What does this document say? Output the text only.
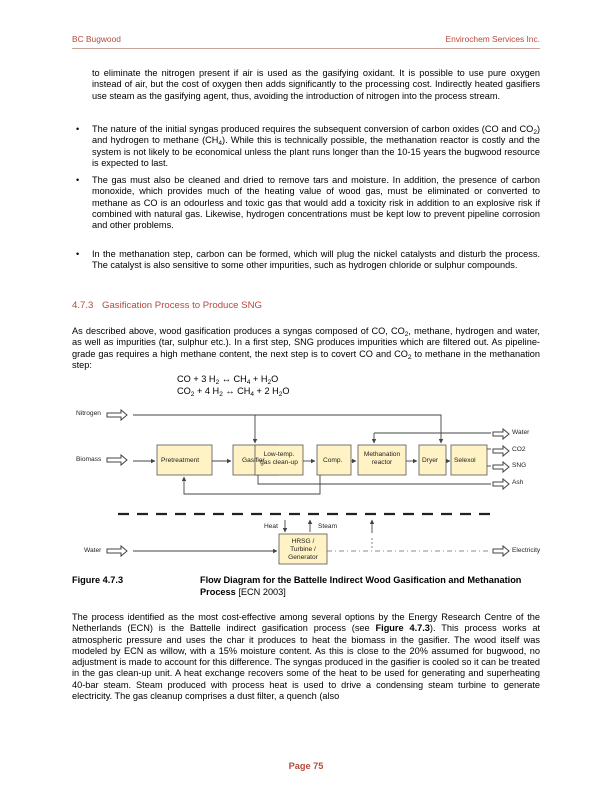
BC Bugwood	Envirochem Services Inc.
to eliminate the nitrogen present if air is used as the gasifying oxidant. It is possible to use pure oxygen instead of air, but the cost of oxygen then adds significantly to the processing cost. Indirectly heated gasifiers use steam as the gasifying agent, thus, avoiding the introduction of nitrogen into the process stream.
• The nature of the initial syngas produced requires the subsequent conversion of carbon oxides (CO and $CO_2$) and hydrogen to methane $(CH_4)$. While this is technically possible, the methanation reactor is costly and the system is not likely to be economical unless the plant runs longer than the 10-15 years the bugwood resource is expected to last.
• The gas must also be cleaned and dried to remove tars and moisture. In addition, the presence of carbon monoxide, which provides much of the heating value of wood gas, must be eliminated or converted to methane as CO is an odourless and toxic gas that would add a toxicity risk in addition to an explosive risk if combined with natural gas. Likewise, hydrogen concentrations must be kept low to prevent pipeline corrosion and other problems.
• In the methanation step, carbon can be formed, which will plug the nickel catalysts and disturb the process. The catalyst is also sensitive to some other impurities, such as hydrogen chloride or sulphur compounds.
4.7.3 Gasification Process to Produce SNG
As described above, wood gasification produces a syngas composed of CO, $CO_2$, methane, hydrogen and water, as well as impurities (tar, sulphur etc.). In a first step, SNG produces impurities which are filtered out. As pipeline-grade gas requires a high methane content, the next step is to covert CO and $CO_2$ to methane in the methanation step:
CO + 3 $H_2$ ↔ $CH_4 + H_2O$
$CO_2 + 4$ $H_2$ ↔ $CH_4 + 2$ $H_2O$
Nitrogen
Biomass
Water
Pretreatment	Gasifier
Low-temp.
gas clean-up	Comp.
Methanation
reactor	Dryer Selexol
HRSG /
Turbine /
Generator
Heat	Steam
Water
CO2
SNG
Ash
Electricity
Figure 4.7.3	Flow Diagram for the Battelle Indirect Wood Gasification and Methanation
Process [ECN 2003]
The process identified as the most cost-effective among several options by the Energy Research Centre of the Netherlands (ECN) is the Battelle indirect gasification process (see Figure 4.7.3). This process works at atmospheric pressure and uses the char it produces to heat the biomass in the gasifier. The wood itself was modeled by ECN as willow, with a 15% moisture content. As this is close to the 20% assumed for bugwood, no adjustment is made to account for this difference. The syngas produced in the gasifier is cooled so it can be treated in the gas clean-up unit. A heat exchange recovers some of the heat to be used for generating and superheating 40-bar steam. Steam produced with process heat is used to drive a condensing steam turbine to generate electricity. The gas cleanup comprises a dust filter, a quench (also
Page 75
